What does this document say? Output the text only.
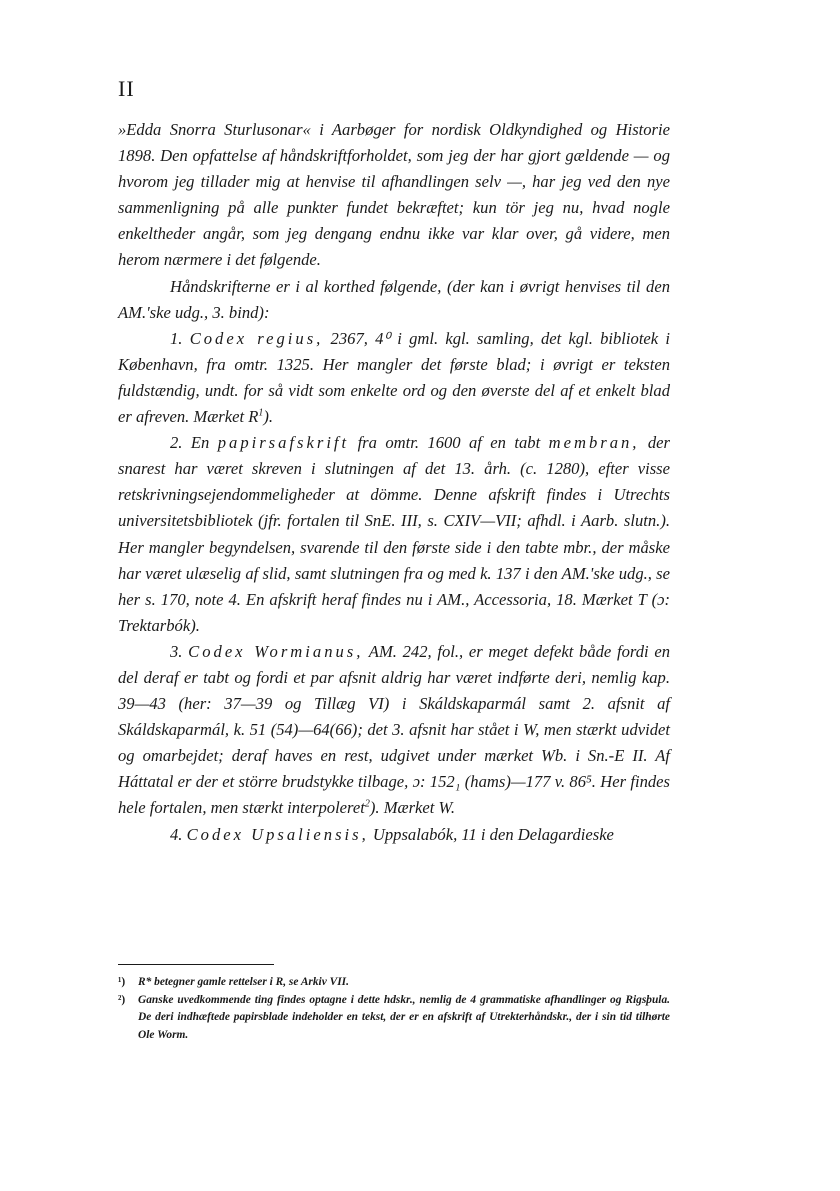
II

»Edda Snorra Sturlusonar« i Aarbøger for nordisk Oldkyndighed og Historie 1898. Den opfattelse af håndskriftforholdet, som jeg der har gjort gældende — og hvorom jeg tillader mig at henvise til afhandlingen selv —, har jeg ved den nye sammenligning på alle punkter fundet bekræftet; kun tör jeg nu, hvad nogle enkeltheder angår, som jeg dengang endnu ikke var klar over, gå videre, men herom nærmere i det følgende.

Håndskrifterne er i al korthed følgende, (der kan i øvrigt henvises til den AM.'ske udg., 3. bind):

1. Codex regius, 2367, 4⁰ i gml. kgl. samling, det kgl. bibliotek i København, fra omtr. 1325. Her mangler det første blad; i øvrigt er teksten fuldstændig, undt. for så vidt som enkelte ord og den øverste del af et enkelt blad er afreven. Mærket $R^1$).

2. En papirsafskrift fra omtr. 1600 af en tabt membran, der snarest har været skreven i slutningen af det 13. årh. (c. 1280), efter visse retskrivningsejendommeligheder at dömme. Denne afskrift findes i Utrechts universitetsbibliotek (jfr. fortalen til SnE. III, s. CXIV—VII; afhdl. i Aarb. slutn.). Her mangler begyndelsen, svarende til den første side i den tabte mbr., der måske har været ulæselig af slid, samt slutningen fra og med k. 137 i den AM.'ske udg., se her s. 170, note 4. En afskrift heraf findes nu i AM., Accessoria, 18. Mærket T (ɔ: Trektarbók).

3. Codex Wormianus, AM. 242, fol., er meget defekt både fordi en del deraf er tabt og fordi et par afsnit aldrig har været indførte deri, nemlig kap. 39—43 (her: 37—39 og Tillæg VI) i Skáldskaparmál samt 2. afsnit af Skáldskaparmál, k. 51 (54)—64(66); det 3. afsnit har stået i W, men stærkt udvidet og omarbejdet; deraf haves en rest, udgivet under mærket Wb. i Sn.-E II. Af Háttatal er der et större brudstykke tilbage, ɔ: 152₁ (hams)—177 v. 86⁵. Her findes hele fortalen, men stærkt interpoleret$^2$). Mærket W.

4. Codex Upsaliensis, Uppsalabók, 11 i den Delagardieske

¹) R* betegner gamle rettelser i R, se Arkiv VII.

²) Ganske uvedkommende ting findes optagne i dette hdskr., nemlig de 4 grammatiske afhandlinger og Rigsþula. De deri indhæftede papirsblade indeholder en tekst, der er en afskrift af Utrekterhåndskr., der i sin tid tilhørte Ole Worm.
